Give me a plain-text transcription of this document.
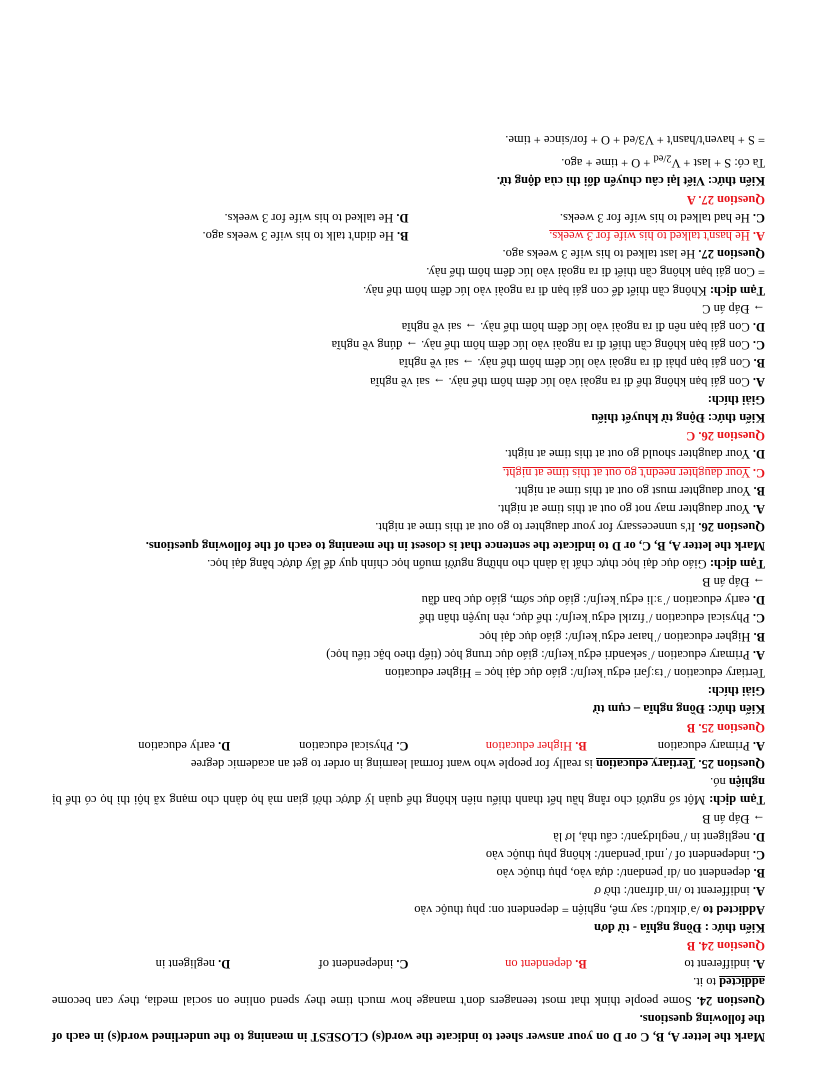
Mark the letter A, B, C or D on your answer sheet to indicate the word(s) CLOSEST in meaning to the underlined word(s) in each of the following questions.

Question 24. Some people think that most teenagers don't manage how much time they spend online on social media, they can become addicted to it.

A. indifferent to
B. dependent on
C. independent of
D. negligent in

Question 24. B

Kiến thức : Đồng nghĩa - từ đơn

Addicted to /əˈdɪktɪd/: say mê, nghiện = dependent on: phụ thuộc vào

A. indifferent to /ɪnˈdɪfrənt/: thờ ơ

B. dependent on /dɪˈpendənt/: dựa vào, phụ thuộc vào

C. independent of /ˌɪndɪˈpendənt/: không phụ thuộc vào

D. negligent in /ˈneɡlɪdʒənt/: cẩu thả, lơ là

→ Đáp án B

Tạm dịch: Một số người cho rằng hầu hết thanh thiếu niên không thể quản lý được thời gian mà họ dành cho mạng xã hội thì họ có thể bị nghiện nó.

Question 25. Tertiary education is really for people who want formal learning in order to get an academic degree

A. Primary education
B. Higher education
C. Physical education
D. early education

Question 25. B

Kiến thức: Đồng nghĩa – cụm từ

Giải thích:

Tertiary education /ˈtɜːʃəri edʒuˈkeɪʃn/: giáo dục đại học = Higher education

A. Primary education /ˈsekəndri edʒuˈkeɪʃn/: giáo dục trung học (tiếp theo bậc tiểu học)

B. Higher education /ˈhaɪər edʒuˈkeɪʃn/: giáo dục đại học

C. Physical education /ˈfɪzɪkl edʒuˈkeɪʃn/: thể dục, rèn luyện thân thể

D. early education /ˈɜːli edʒuˈkeɪʃn/: giáo dục sớm, giáo dục ban đầu

→ Đáp án B

Tạm dịch: Giáo dục đại học thực chất là dành cho những người muốn học chính quy để lấy được bằng đại học.

Mark the letter A, B, C, or D to indicate the sentence that is closest in the meaning to each of the following questions.

Question 26. It's unnecessary for your daughter to go out at this time at night.

A. Your daughter may not go out at this time at night.

B. Your daughter must go out at this time at night.

C. Your daughter needn't go out at this time at night.

D. Your daughter should go out at this time at night.

Question 26. C

Kiến thức: Động từ khuyết thiếu

Giải thích:

A. Con gái bạn không thể đi ra ngoài vào lúc đêm hôm thế này. → sai về nghĩa

B. Con gái bạn phải đi ra ngoài vào lúc đêm hôm thế này. → sai về nghĩa

C. Con gái bạn không cần thiết đi ra ngoài vào lúc đêm hôm thế này. → đúng về nghĩa

D. Con gái bạn nên đi ra ngoài vào lúc đêm hôm thế này. → sai về nghĩa

→ Đáp án C

Tạm dịch: Không cần thiết để con gái bạn đi ra ngoài vào lúc đêm hôm thế này.

= Con gái bạn không cần thiết đi ra ngoài vào lúc đêm hôm thế này.

Question 27. He last talked to his wife 3 weeks ago.

A. He hasn't talked to his wife for 3 weeks.
B. He didn't talk to his wife 3 weeks ago.
C. He had talked to his wife for 3 weeks.
D. He talked to his wife for 3 weeks.

Question 27. A

Kiến thức: Viết lại câu chuyển đổi thì của động từ.

Ta có: S + last + $V_{2/ed} + O$ + time + ago.

= S + haven't/hasn't + V3/ed + O + for/since + time.
